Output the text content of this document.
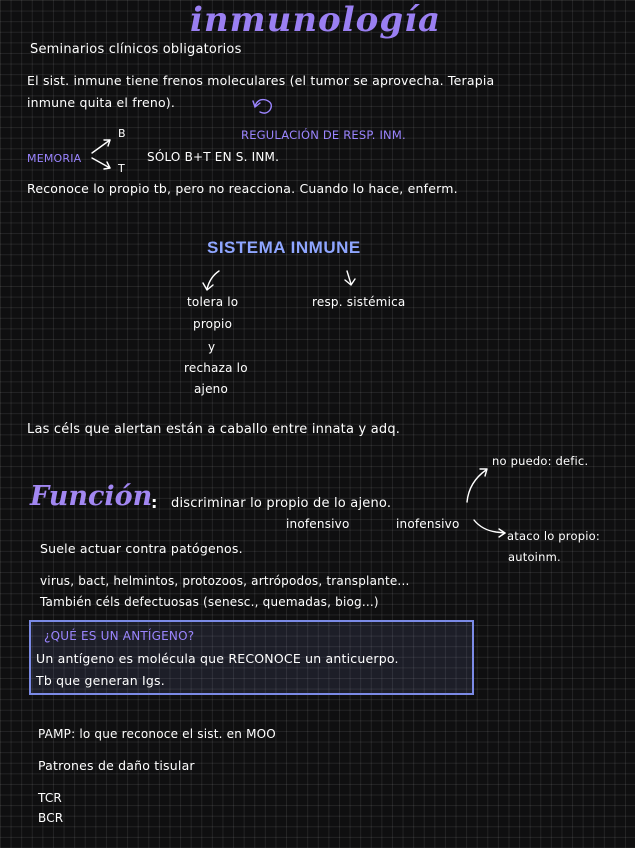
inmunología
Seminarios clínicos obligatorios
El sist. inmune tiene frenos moleculares (el tumor se aprovecha. Terapia
inmune quita el freno).
REGULACIÓN DE RESP. INM.
MEMORIA
B
T
SÓLO B+T EN S. INM.
Reconoce lo propio tb, pero no reacciona. Cuando lo hace, enferm.
SISTEMA INMUNE
tolera lo
propio
y
rechaza lo
ajeno
resp. sistémica
Las céls que alertan están a caballo entre innata y adq.
no puedo: defic.
Función
: discriminar lo propio de lo ajeno.
inofensivo	inofensivo
ataco lo propio:
autoinm.
Suele actuar contra patógenos.
virus, bact, helmintos, protozoos, artrópodos, transplante...
También céls defectuosas (senesc., quemadas, biog...)
¿QUÉ ES UN ANTÍGENO?
Un antígeno es molécula que RECONOCE un anticuerpo.
Tb que generan Igs.
PAMP: lo que reconoce el sist. en MOO
Patrones de daño tisular
TCR
BCR
